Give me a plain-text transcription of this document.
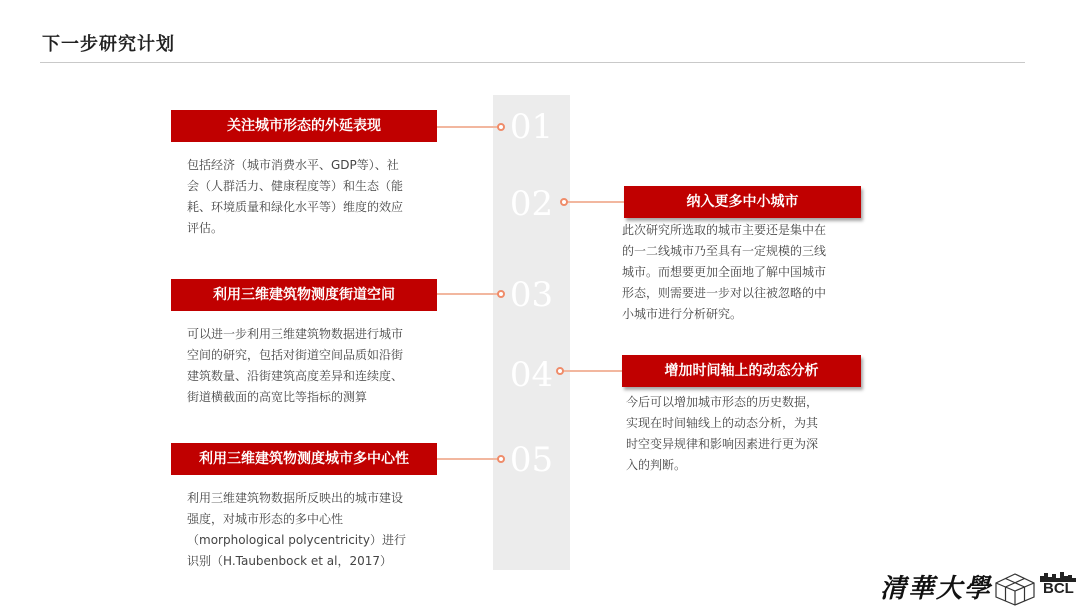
下一步研究计划
01
02
03
04
05
关注城市形态的外延表现
包括经济（城市消费水平、GDP等）、社
会（人群活力、健康程度等）和生态（能
耗、环境质量和绿化水平等）维度的效应
评估。
纳入更多中小城市
此次研究所选取的城市主要还是集中在
的一二线城市乃至具有一定规模的三线
城市。而想要更加全面地了解中国城市
形态，则需要进一步对以往被忽略的中
小城市进行分析研究。
利用三维建筑物测度街道空间
可以进一步利用三维建筑物数据进行城市
空间的研究，包括对街道空间品质如沿街
建筑数量、沿街建筑高度差异和连续度、
街道横截面的高宽比等指标的测算
增加时间轴上的动态分析
今后可以增加城市形态的历史数据，
实现在时间轴线上的动态分析，为其
时空变异规律和影响因素进行更为深
入的判断。
利用三维建筑物测度城市多中心性
利用三维建筑物数据所反映出的城市建设
强度，对城市形态的多中心性
（morphological polycentricity）进行
识别（H.Taubenbock et al，2017）
清華大學	BCL
